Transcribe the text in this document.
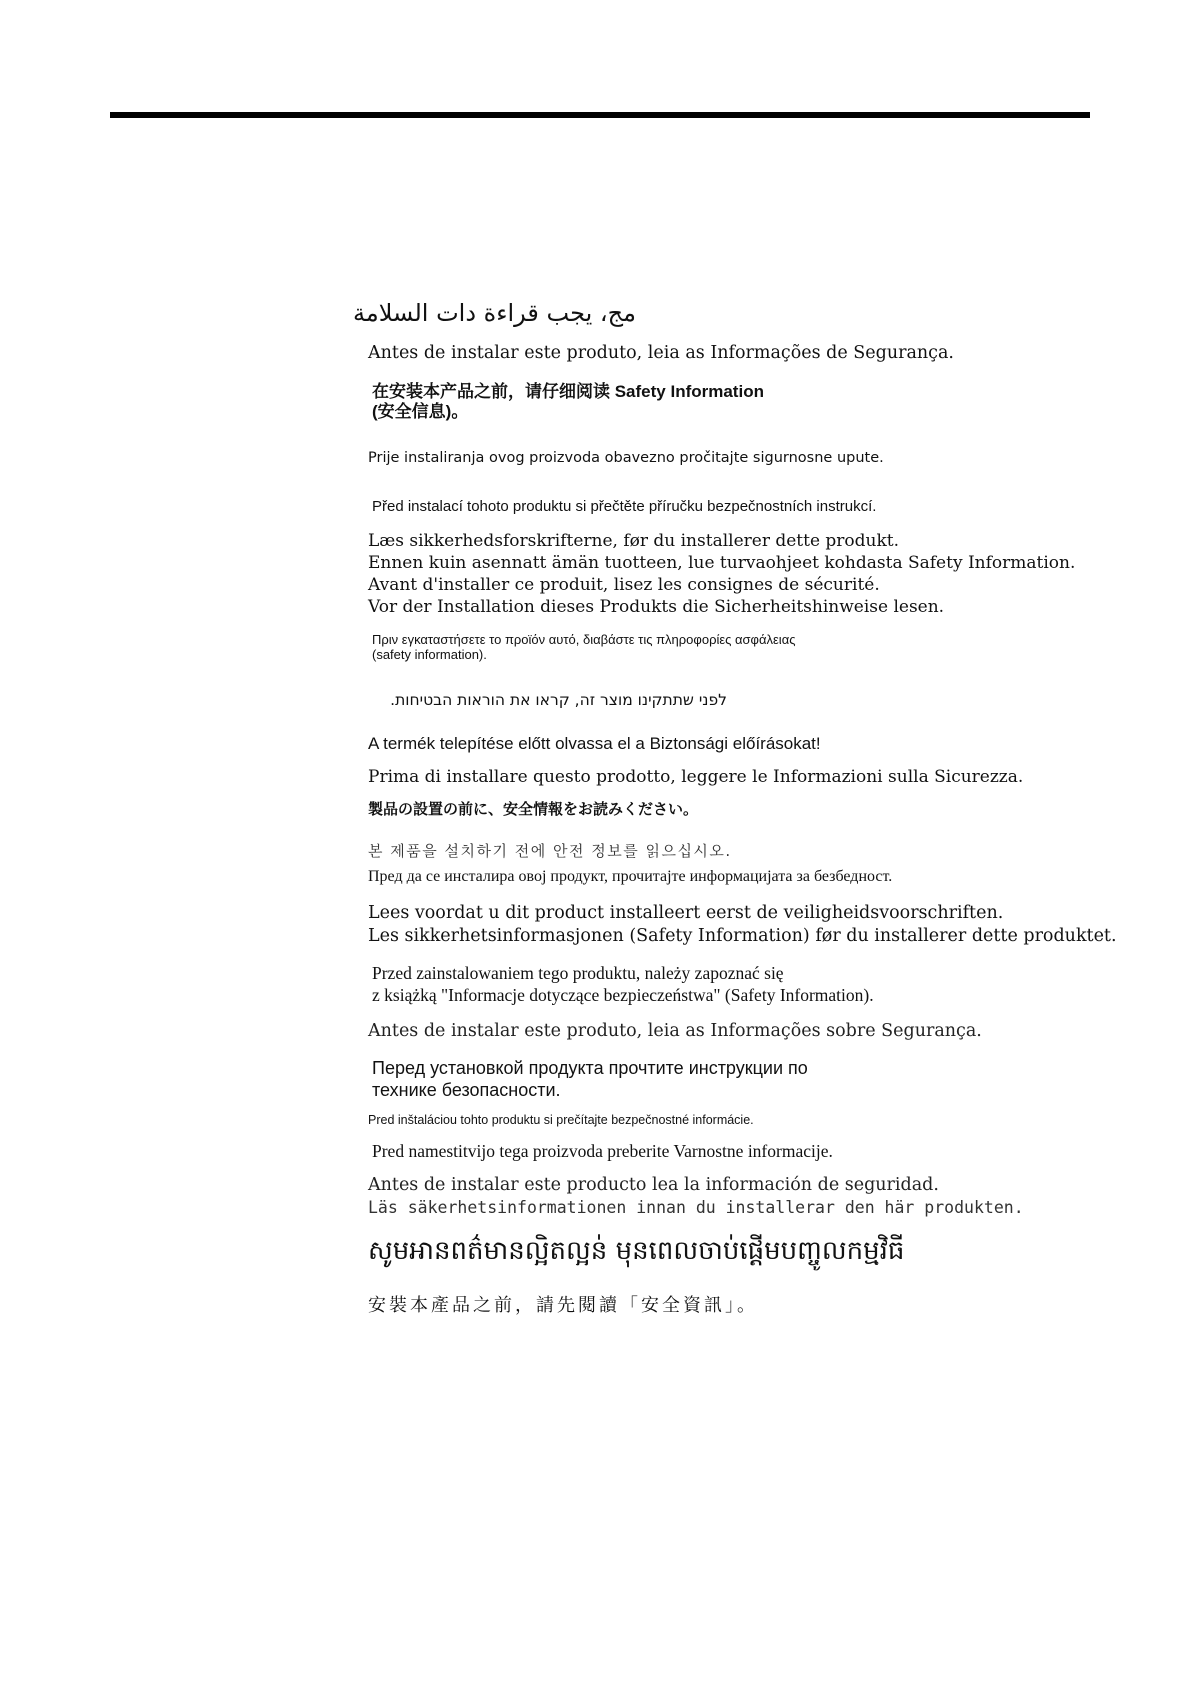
مج، يجب قراءة دات السلامة

Antes de instalar este produto, leia as Informações de Segurança.

在安装本产品之前，请仔细阅读 Safety Information
(安全信息)。

Prije instaliranja ovog proizvoda obavezno pročitajte sigurnosne upute.

Před instalací tohoto produktu si přečtěte příručku bezpečnostních instrukcí.

Læs sikkerhedsforskrifterne, før du installerer dette produkt.
Ennen kuin asennatt ämän tuotteen, lue turvaohjeet kohdasta Safety Information.
Avant d'installer ce produit, lisez les consignes de sécurité.
Vor der Installation dieses Produkts die Sicherheitshinweise lesen.

Πριν εγκαταστήσετε το προϊόν αυτό, διαβάστε τις πληροφορίες ασφάλειας
(safety information).

לפני שתתקינו מוצר זה, קראו את הוראות הבטיחות.

A termék telepítése előtt olvassa el a Biztonsági előírásokat!

Prima di installare questo prodotto, leggere le Informazioni sulla Sicurezza.

製品の設置の前に、安全情報をお読みください。

본 제품을 설치하기 전에 안전 정보를 읽으십시오.

Пред да се инсталира овој продукт, прочитајте информацијата за безбедност.

Lees voordat u dit product installeert eerst de veiligheidsvoorschriften.
Les sikkerhetsinformasjonen (Safety Information) før du installerer dette produktet.

Przed zainstalowaniem tego produktu, należy zapoznać się
z książką "Informacje dotyczące bezpieczeństwa" (Safety Information).

Antes de instalar este produto, leia as Informações sobre Segurança.

Перед установкой продукта прочтите инструкции по
технике безопасности.

Pred inštaláciou tohto produktu si prečítajte bezpečnostné informácie.

Pred namestitvijo tega proizvoda preberite Varnostne informacije.

Antes de instalar este producto lea la información de seguridad.

Läs säkerhetsinformationen innan du installerar den här produkten.

សូមអានពត៌មានល្អិតល្អន់ មុនពេលចាប់ផ្តើមបញ្ចូលកម្មវិធី

安裝本產品之前，請先閱讀「安全資訊」。
